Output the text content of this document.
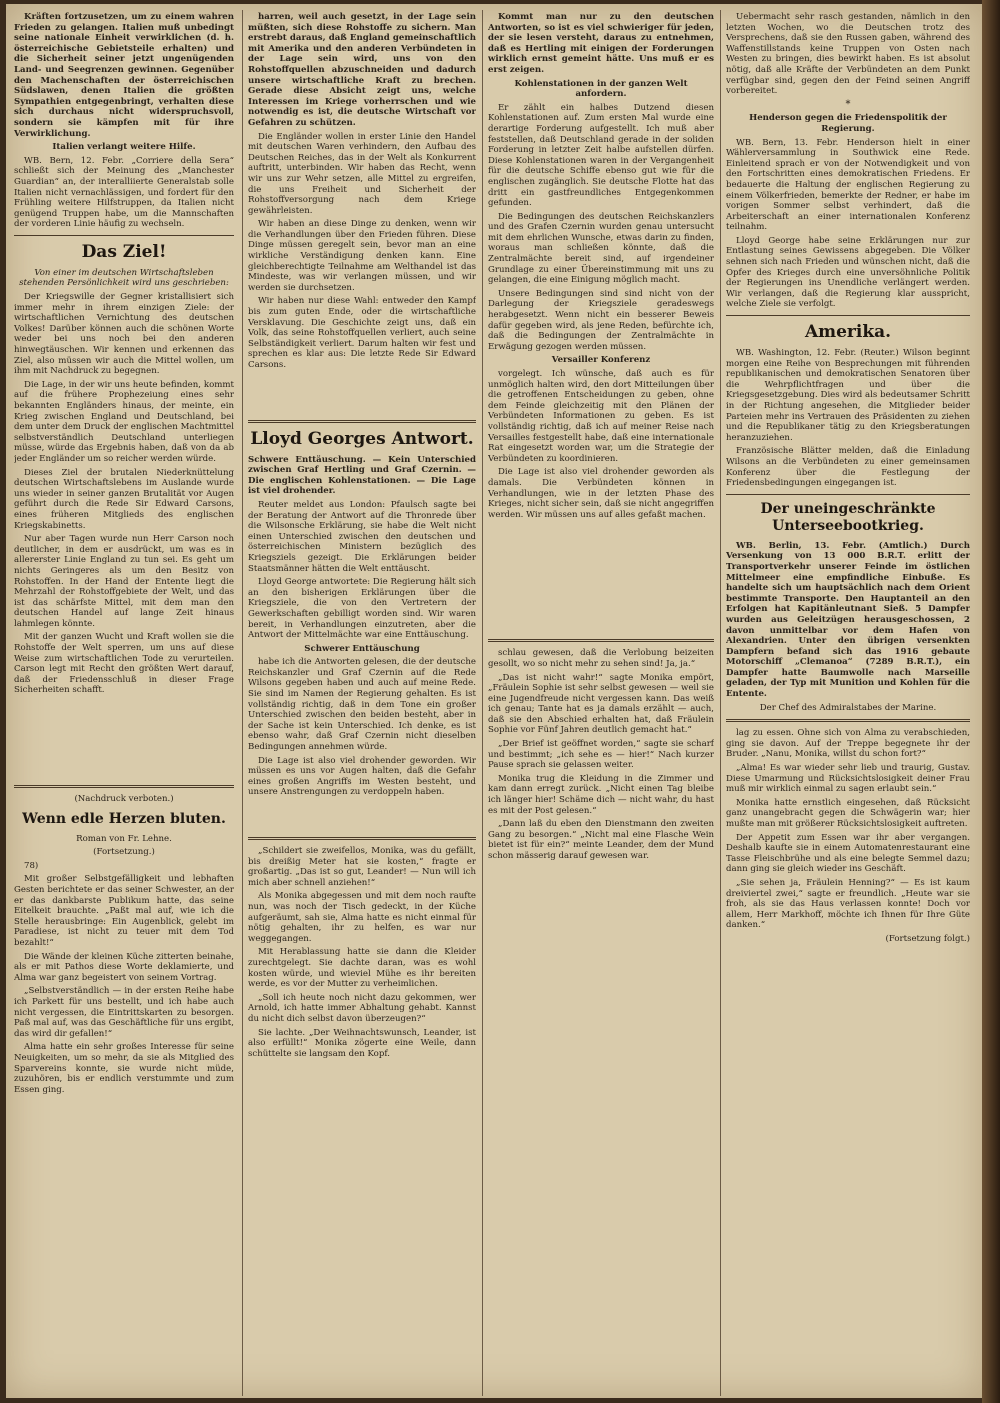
Kräften fortzusetzen, um zu einem wahren Frieden zu gelangen. Italien muß unbedingt seine nationale Einheit verwirklichen (d. h. österreichische Gebietsteile erhalten) und die Sicherheit seiner jetzt ungenügenden Land- und Seegrenzen gewinnen. Gegenüber den Machenschaften der österreichischen Südslawen, denen Italien die größten Sympathien entgegenbringt, verhalten diese sich durchaus nicht widerspruchsvoll, sondern sie kämpfen mit für ihre Verwirklichung.

Italien verlangt weitere Hilfe.

WB. Bern, 12. Febr. „Corriere della Sera“ schließt sich der Meinung des „Manchester Guardian“ an, der interalliierte Generalstab solle Italien nicht vernachlässigen, und fordert für den Frühling weitere Hilfstruppen, da Italien nicht genügend Truppen habe, um die Mannschaften der vorderen Linie häufig zu wechseln.

Das Ziel!

Von einer im deutschen Wirtschaftsleben stehenden Persönlichkeit wird uns geschrieben:

Der Kriegswille der Gegner kristallisiert sich immer mehr in ihrem einzigen Ziele: der wirtschaftlichen Vernichtung des deutschen Volkes! Darüber können auch die schönen Worte weder bei uns noch bei den anderen hinwegtäuschen. Wir kennen und erkennen das Ziel, also müssen wir auch die Mittel wollen, um ihm mit Nachdruck zu begegnen.

Die Lage, in der wir uns heute befinden, kommt auf die frühere Prophezeiung eines sehr bekannten Engländers hinaus, der meinte, ein Krieg zwischen England und Deutschland, bei dem unter dem Druck der englischen Machtmittel selbstverständlich Deutschland unterliegen müsse, würde das Ergebnis haben, daß von da ab jeder Engländer um so reicher werden würde.

Dieses Ziel der brutalen Niederknüttelung deutschen Wirtschaftslebens im Auslande wurde uns wieder in seiner ganzen Brutalität vor Augen geführt durch die Rede Sir Edward Carsons, eines früheren Mitglieds des englischen Kriegskabinetts.

Nur aber Tagen wurde nun Herr Carson noch deutlicher, in dem er ausdrückt, um was es in allererster Linie England zu tun sei. Es geht um nichts Geringeres als um den Besitz von Rohstoffen. In der Hand der Entente liegt die Mehrzahl der Rohstoffgebiete der Welt, und das ist das schärfste Mittel, mit dem man den deutschen Handel auf lange Zeit hinaus lahmlegen könnte.

Mit der ganzen Wucht und Kraft wollen sie die Rohstoffe der Welt sperren, um uns auf diese Weise zum wirtschaftlichen Tode zu verurteilen. Carson legt mit Recht den größten Wert darauf, daß der Friedensschluß in dieser Frage Sicherheiten schafft.

(Nachdruck verboten.)

Wenn edle Herzen bluten.

Roman von Fr. Lehne.

(Fortsetzung.)

78)

Mit großer Selbstgefälligkeit und lebhaften Gesten berichtete er das seiner Schwester, an der er das dankbarste Publikum hatte, das seine Eitelkeit brauchte. „Paßt mal auf, wie ich die Stelle herausbringe: Ein Augenblick, gelebt im Paradiese, ist nicht zu teuer mit dem Tod bezahlt!“

Die Wände der kleinen Küche zitterten beinahe, als er mit Pathos diese Worte deklamierte, und Alma war ganz begeistert von seinem Vortrag.

„Selbstverständlich — in der ersten Reihe habe ich Parkett für uns bestellt, und ich habe auch nicht vergessen, die Eintrittskarten zu besorgen. Paß mal auf, was das Geschäftliche für uns ergibt, das wird dir gefallen!“

Alma hatte ein sehr großes Interesse für seine Neuigkeiten, um so mehr, da sie als Mitglied des Sparvereins konnte, sie wurde nicht müde, zuzuhören, bis er endlich verstummte und zum Essen ging.

harren, weil auch gesetzt, in der Lage sein müßten, sich diese Rohstoffe zu sichern. Man erstrebt daraus, daß England gemeinschaftlich mit Amerika und den anderen Verbündeten in der Lage sein wird, uns von den Rohstoffquellen abzuschneiden und dadurch unsere wirtschaftliche Kraft zu brechen. Gerade diese Absicht zeigt uns, welche Interessen im Kriege vorherrschen und wie notwendig es ist, die deutsche Wirtschaft vor Gefahren zu schützen.

Die Engländer wollen in erster Linie den Handel mit deutschen Waren verhindern, den Aufbau des Deutschen Reiches, das in der Welt als Konkurrent auftritt, unterbinden. Wir haben das Recht, wenn wir uns zur Wehr setzen, alle Mittel zu ergreifen, die uns Freiheit und Sicherheit der Rohstoffversorgung nach dem Kriege gewährleisten.

Wir haben an diese Dinge zu denken, wenn wir die Verhandlungen über den Frieden führen. Diese Dinge müssen geregelt sein, bevor man an eine wirkliche Verständigung denken kann. Eine gleichberechtigte Teilnahme am Welthandel ist das Mindeste, was wir verlangen müssen, und wir werden sie durchsetzen.

Wir haben nur diese Wahl: entweder den Kampf bis zum guten Ende, oder die wirtschaftliche Versklavung. Die Geschichte zeigt uns, daß ein Volk, das seine Rohstoffquellen verliert, auch seine Selbständigkeit verliert. Darum halten wir fest und sprechen es klar aus: Die letzte Rede Sir Edward Carsons.

Lloyd Georges Antwort.

Schwere Enttäuschung. — Kein Unterschied zwischen Graf Hertling und Graf Czernin. — Die englischen Kohlenstationen. — Die Lage ist viel drohender.

Reuter meldet aus London: Pfaulsch sagte bei der Beratung der Antwort auf die Thronrede über die Wilsonsche Erklärung, sie habe die Welt nicht einen Unterschied zwischen den deutschen und österreichischen Ministern bezüglich des Kriegsziels gezeigt. Die Erklärungen beider Staatsmänner hätten die Welt enttäuscht.

Lloyd George antwortete: Die Regierung hält sich an den bisherigen Erklärungen über die Kriegsziele, die von den Vertretern der Gewerkschaften gebilligt worden sind. Wir waren bereit, in Verhandlungen einzutreten, aber die Antwort der Mittelmächte war eine Enttäuschung.

Schwerer Enttäuschung

habe ich die Antworten gelesen, die der deutsche Reichskanzler und Graf Czernin auf die Rede Wilsons gegeben haben und auch auf meine Rede. Sie sind im Namen der Regierung gehalten. Es ist vollständig richtig, daß in dem Tone ein großer Unterschied zwischen den beiden besteht, aber in der Sache ist kein Unterschied. Ich denke, es ist ebenso wahr, daß Graf Czernin nicht dieselben Bedingungen annehmen würde.

Die Lage ist also viel drohender geworden. Wir müssen es uns vor Augen halten, daß die Gefahr eines großen Angriffs im Westen besteht, und unsere Anstrengungen zu verdoppeln haben.

„Schildert sie zweifellos, Monika, was du gefällt, bis dreißig Meter hat sie kosten,“ fragte er großartig. „Das ist so gut, Leander! — Nun will ich mich aber schnell anziehen!“

Als Monika abgegessen und mit dem noch raufte nun, was noch der Tisch gedeckt, in der Küche aufgeräumt, sah sie, Alma hatte es nicht einmal für nötig gehalten, ihr zu helfen, es war nur weggegangen.

Mit Herablassung hatte sie dann die Kleider zurechtgelegt. Sie dachte daran, was es wohl kosten würde, und wieviel Mühe es ihr bereiten werde, es vor der Mutter zu verheimlichen.

„Soll ich heute noch nicht dazu gekommen, wer Arnold, ich hatte immer Abhaltung gehabt. Kannst du nicht dich selbst davon überzeugen?“

Sie lachte. „Der Weihnachtswunsch, Leander, ist also erfüllt!“ Monika zögerte eine Weile, dann schüttelte sie langsam den Kopf.

Kommt man nur zu den deutschen Antworten, so ist es viel schwieriger für jeden, der sie lesen versteht, daraus zu entnehmen, daß es Hertling mit einigen der Forderungen wirklich ernst gemeint hätte. Uns muß er es erst zeigen.

Kohlenstationen in der ganzen Welt anfordern.

Er zählt ein halbes Dutzend diesen Kohlenstationen auf. Zum ersten Mal wurde eine derartige Forderung aufgestellt. Ich muß aber feststellen, daß Deutschland gerade in der soliden Forderung in letzter Zeit halbe aufstellen dürfen. Diese Kohlenstationen waren in der Vergangenheit für die deutsche Schiffe ebenso gut wie für die englischen zugänglich. Sie deutsche Flotte hat das dritt ein gastfreundliches Entgegenkommen gefunden.

Die Bedingungen des deutschen Reichskanzlers und des Grafen Czernin wurden genau untersucht mit dem ehrlichen Wunsche, etwas darin zu finden, woraus man schließen könnte, daß die Zentralmächte bereit sind, auf irgendeiner Grundlage zu einer Übereinstimmung mit uns zu gelangen, die eine Einigung möglich macht.

Unsere Bedingungen sind sind nicht von der Darlegung der Kriegsziele geradeswegs herabgesetzt. Wenn nicht ein besserer Beweis dafür gegeben wird, als jene Reden, befürchte ich, daß die Bedingungen der Zentralmächte in Erwägung gezogen werden müssen.

Versailler Konferenz

vorgelegt. Ich wünsche, daß auch es für unmöglich halten wird, den dort Mitteilungen über die getroffenen Entscheidungen zu geben, ohne dem Feinde gleichzeitig mit den Plänen der Verbündeten Informationen zu geben. Es ist vollständig richtig, daß ich auf meiner Reise nach Versailles festgestellt habe, daß eine internationale Rat eingesetzt worden war, um die Strategie der Verbündeten zu koordinieren.

Die Lage ist also viel drohender geworden als damals. Die Verbündeten können in Verhandlungen, wie in der letzten Phase des Krieges, nicht sicher sein, daß sie nicht angegriffen werden. Wir müssen uns auf alles gefaßt machen.

schlau gewesen, daß die Verlobung beizeiten gesollt, wo so nicht mehr zu sehen sind! Ja, ja.“

„Das ist nicht wahr!“ sagte Monika empört, „Fräulein Sophie ist sehr selbst gewesen — weil sie eine Jugendfreude nicht vergessen kann. Das weiß ich genau; Tante hat es ja damals erzählt — auch, daß sie den Abschied erhalten hat, daß Fräulein Sophie vor Fünf Jahren deutlich gemacht hat.“

„Der Brief ist geöffnet worden,“ sagte sie scharf und bestimmt; „ich sehe es — hier!“ Nach kurzer Pause sprach sie gelassen weiter.

Monika trug die Kleidung in die Zimmer und kam dann erregt zurück. „Nicht einen Tag bleibe ich länger hier! Schäme dich — nicht wahr, du hast es mit der Post gelesen.“

„Dann laß du eben den Dienstmann den zweiten Gang zu besorgen.“ „Nicht mal eine Flasche Wein bietet ist für ein?“ meinte Leander, dem der Mund schon mässerig darauf gewesen war.

Uebermacht sehr rasch gestanden, nämlich in den letzten Wochen, wo die Deutschen trotz des Versprechens, daß sie den Russen gaben, während des Waffenstillstands keine Truppen von Osten nach Westen zu bringen, dies bewirkt haben. Es ist absolut nötig, daß alle Kräfte der Verbündeten an dem Punkt verfügbar sind, gegen den der Feind seinen Angriff vorbereitet.

*

Henderson gegen die Friedenspolitik der Regierung.

WB. Bern, 13. Febr. Henderson hielt in einer Wählerversammlung in Southwick eine Rede. Einleitend sprach er von der Notwendigkeit und von den Fortschritten eines demokratischen Friedens. Er bedauerte die Haltung der englischen Regierung zu einem Völkerfrieden, bemerkte der Redner, er habe im vorigen Sommer selbst verhindert, daß die Arbeiterschaft an einer internationalen Konferenz teilnahm.

Lloyd George habe seine Erklärungen nur zur Entlastung seines Gewissens abgegeben. Die Völker sehnen sich nach Frieden und wünschen nicht, daß die Opfer des Krieges durch eine unversöhnliche Politik der Regierungen ins Unendliche verlängert werden. Wir verlangen, daß die Regierung klar ausspricht, welche Ziele sie verfolgt.

Amerika.

WB. Washington, 12. Febr. (Reuter.) Wilson beginnt morgen eine Reihe von Besprechungen mit führenden republikanischen und demokratischen Senatoren über die Wehrpflichtfragen und über die Kriegsgesetzgebung. Dies wird als bedeutsamer Schritt in der Richtung angesehen, die Mitglieder beider Parteien mehr ins Vertrauen des Präsidenten zu ziehen und die Republikaner tätig zu den Kriegsberatungen heranzuziehen.

Französische Blätter melden, daß die Einladung Wilsons an die Verbündeten zu einer gemeinsamen Konferenz über die Festlegung der Friedensbedingungen eingegangen ist.

Der uneingeschränkte Unterseebootkrieg.

WB. Berlin, 13. Febr. (Amtlich.) Durch Versenkung von 13 000 B.R.T. erlitt der Transportverkehr unserer Feinde im östlichen Mittelmeer eine empfindliche Einbuße. Es handelte sich um hauptsächlich nach dem Orient bestimmte Transporte. Den Hauptanteil an den Erfolgen hat Kapitänleutnant Sieß. 5 Dampfer wurden aus Geleitzügen herausgeschossen, 2 davon unmittelbar vor dem Hafen von Alexandrien. Unter den übrigen versenkten Dampfern befand sich das 1916 gebaute Motorschiff „Clemanoa“ (7289 B.R.T.), ein Dampfer hatte Baumwolle nach Marseille geladen, der Typ mit Munition und Kohlen für die Entente.

Der Chef des Admiralstabes der Marine.

lag zu essen. Ohne sich von Alma zu verabschieden, ging sie davon. Auf der Treppe begegnete ihr der Bruder. „Nanu, Monika, willst du schon fort?“

„Alma! Es war wieder sehr lieb und traurig, Gustav. Diese Umarmung und Rücksichtslosigkeit deiner Frau muß mir wirklich einmal zu sagen erlaubt sein.“

Monika hatte ernstlich eingesehen, daß Rücksicht ganz unangebracht gegen die Schwägerin war; hier mußte man mit größerer Rücksichtslosigkeit auftreten.

Der Appetit zum Essen war ihr aber vergangen. Deshalb kaufte sie in einem Automatenrestaurant eine Tasse Fleischbrühe und als eine belegte Semmel dazu; dann ging sie gleich wieder ins Geschäft.

„Sie sehen ja, Fräulein Henning?“ — Es ist kaum dreiviertel zwei,“ sagte er freundlich. „Heute war sie froh, als sie das Haus verlassen konnte! Doch vor allem, Herr Markhoff, möchte ich Ihnen für Ihre Güte danken.“

(Fortsetzung folgt.)
